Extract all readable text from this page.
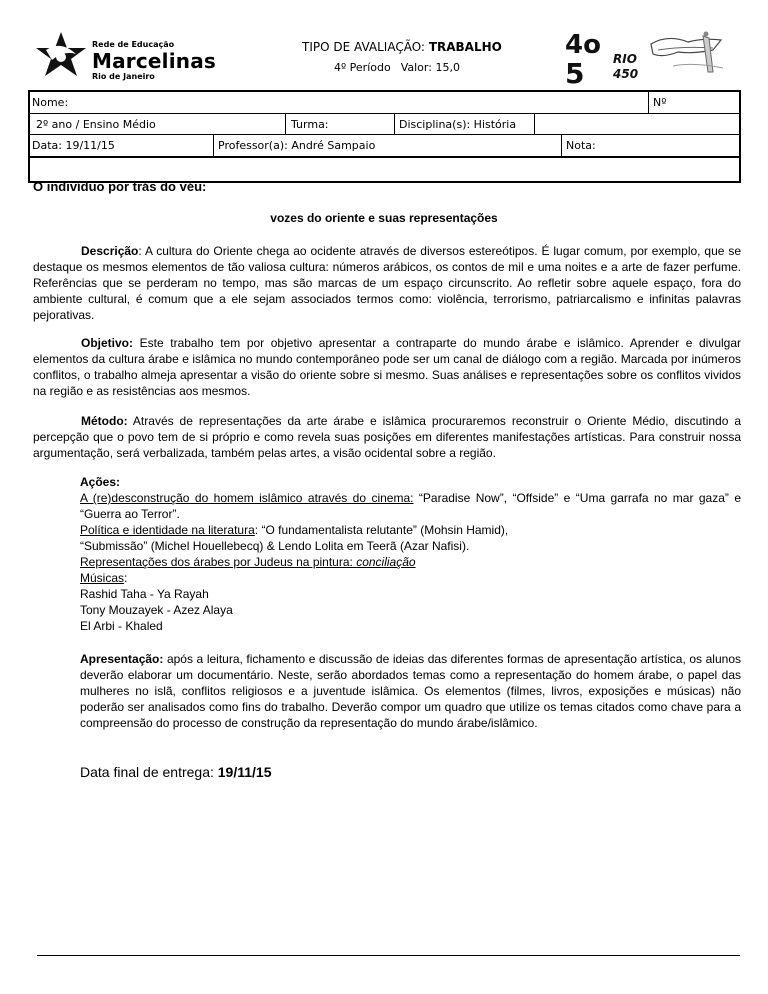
Rede de Educação
Marcelinas
Rio de Janeiro
TIPO DE AVALIAÇÃO: TRABALHO
4º Período Valor: 15,0
4o
5 RIO
450
Nome:	Nº
2º ano / Ensino Médio	Turma:	Disciplina(s): História
Data: 19/11/15	Professor(a): André Sampaio	Nota:
O indivíduo por trás do véu:
vozes do oriente e suas representações
Descrição: A cultura do Oriente chega ao ocidente através de diversos estereótipos. É lugar comum, por exemplo, que se destaque os mesmos elementos de tão valiosa cultura: números arábicos, os contos de mil e uma noites e a arte de fazer perfume. Referências que se perderam no tempo, mas são marcas de um espaço circunscrito. Ao refletir sobre aquele espaço, fora do ambiente cultural, é comum que a ele sejam associados termos como: violência, terrorismo, patriarcalismo e infinitas palavras pejorativas.
Objetivo: Este trabalho tem por objetivo apresentar a contraparte do mundo árabe e islâmico. Aprender e divulgar elementos da cultura árabe e islâmica no mundo contemporâneo pode ser um canal de diálogo com a região. Marcada por inúmeros conflitos, o trabalho almeja apresentar a visão do oriente sobre si mesmo. Suas análises e representações sobre os conflitos vividos na região e as resistências aos mesmos.
Método: Através de representações da arte árabe e islâmica procuraremos reconstruir o Oriente Médio, discutindo a percepção que o povo tem de si próprio e como revela suas posições em diferentes manifestações artísticas. Para construir nossa argumentação, será verbalizada, também pelas artes, a visão ocidental sobre a região.
Ações:
A (re)desconstrução do homem islâmico através do cinema: “Paradise Now”, “Offside” e “Uma garrafa no mar gaza” e “Guerra ao Terror”.
Política e identidade na literatura: “O fundamentalista relutante” (Mohsin Hamid),
“Submissão” (Michel Houellebecq) & Lendo Lolita em Teerã (Azar Nafisi).
Representações dos árabes por Judeus na pintura: conciliação
Músicas:
Rashid Taha - Ya Rayah
Tony Mouzayek - Azez Alaya
El Arbi - Khaled
Apresentação: após a leitura, fichamento e discussão de ideias das diferentes formas de apresentação artística, os alunos deverão elaborar um documentário. Neste, serão abordados temas como a representação do homem árabe, o papel das mulheres no islã, conflitos religiosos e a juventude islâmica. Os elementos (filmes, livros, exposições e músicas) não poderão ser analisados como fins do trabalho. Deverão compor um quadro que utilize os temas citados como chave para a compreensão do processo de construção da representação do mundo árabe/islâmico.
Data final de entrega: 19/11/15
